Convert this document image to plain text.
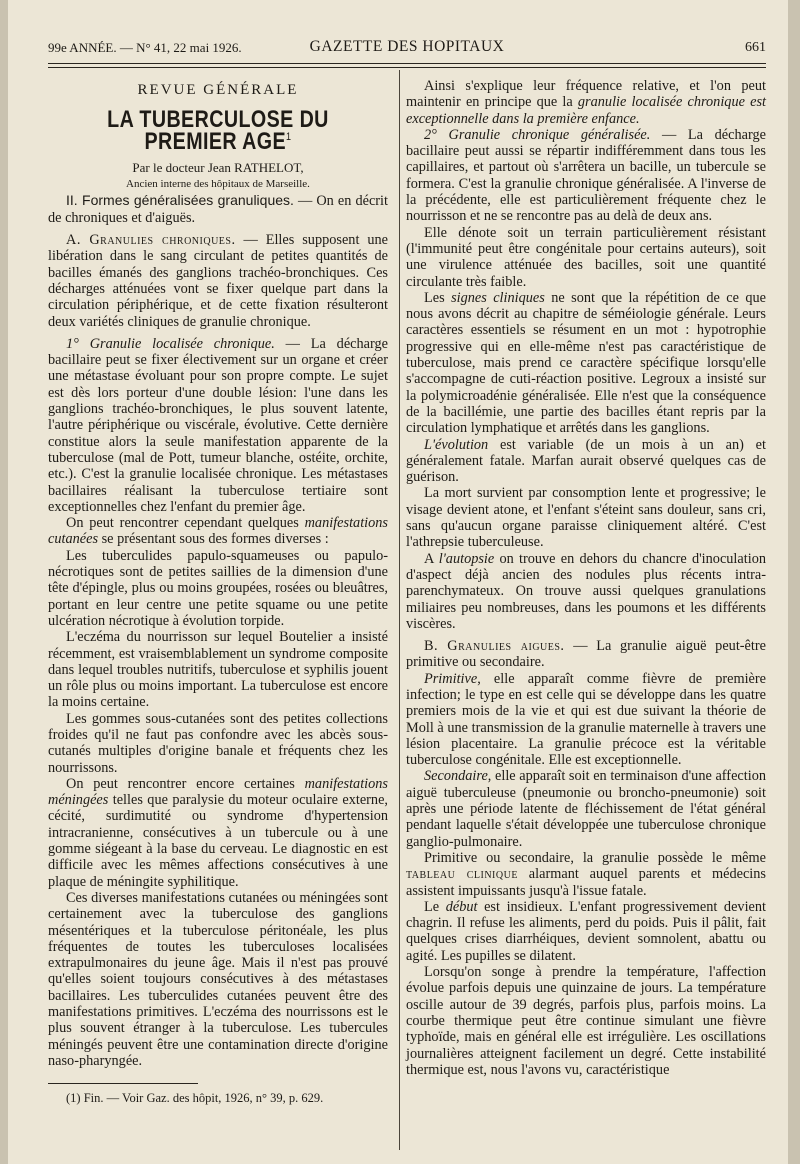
99e ANNÉE. — N° 41, 22 mai 1926.	GAZETTE DES HOPITAUX	661
REVUE GÉNÉRALE
LA TUBERCULOSE DU PREMIER AGE$^1$

Par le docteur Jean RATHELOT,

Ancien interne des hôpitaux de Marseille.

II. Formes généralisées granuliques. — On en décrit de chroniques et d'aiguës.

A. Granulies chroniques. — Elles supposent une libération dans le sang circulant de petites quantités de bacilles émanés des ganglions trachéo-bronchiques. Ces décharges atténuées vont se fixer quelque part dans la circulation périphérique, et de cette fixation résulteront deux variétés cliniques de granulie chronique.

1° Granulie localisée chronique. — La décharge bacillaire peut se fixer électivement sur un organe et créer une métastase évoluant pour son propre compte. Le sujet est dès lors porteur d'une double lésion: l'une dans les ganglions trachéo-bronchiques, le plus souvent latente, l'autre périphérique ou viscérale, évolutive. Cette dernière constitue alors la seule manifestation apparente de la tuberculose (mal de Pott, tumeur blanche, ostéite, orchite, etc.). C'est la granulie localisée chronique. Les métastases bacillaires réalisant la tuberculose tertiaire sont exceptionnelles chez l'enfant du premier âge.

On peut rencontrer cependant quelques manifestations cutanées se présentant sous des formes diverses :

Les tuberculides papulo-squameuses ou papulo-nécrotiques sont de petites saillies de la dimension d'une tête d'épingle, plus ou moins groupées, rosées ou bleuâtres, portant en leur centre une petite squame ou une petite ulcération nécrotique à évolution torpide.

L'eczéma du nourrisson sur lequel Boutelier a insisté récemment, est vraisemblablement un syndrome composite dans lequel troubles nutritifs, tuberculose et syphilis jouent un rôle plus ou moins important. La tuberculose est encore la moins certaine.

Les gommes sous-cutanées sont des petites collections froides qu'il ne faut pas confondre avec les abcès sous-cutanés multiples d'origine banale et fréquents chez les nourrissons.

On peut rencontrer encore certaines manifestations méningées telles que paralysie du moteur oculaire externe, cécité, surdimutité ou syndrome d'hypertension intracranienne, consécutives à un tubercule ou à une gomme siégeant à la base du cerveau. Le diagnostic en est difficile avec les mêmes affections consécutives à une plaque de méningite syphilitique.

Ces diverses manifestations cutanées ou méningées sont certainement avec la tuberculose des ganglions mésentériques et la tuberculose péritonéale, les plus fréquentes de toutes les tuberculoses localisées extrapulmonaires du jeune âge. Mais il n'est pas prouvé qu'elles soient toujours consécutives à des métastases bacillaires. Les tuberculides cutanées peuvent être des manifestations primitives. L'eczéma des nourrissons est le plus souvent étranger à la tuberculose. Les tubercules méningés peuvent être une contamination directe d'origine naso-pharyngée.

(1) Fin. — Voir Gaz. des hôpit, 1926, n° 39, p. 629.

Ainsi s'explique leur fréquence relative, et l'on peut maintenir en principe que la granulie localisée chronique est exceptionnelle dans la première enfance.

2° Granulie chronique généralisée. — La décharge bacillaire peut aussi se répartir indifféremment dans tous les capillaires, et partout où s'arrêtera un bacille, un tubercule se formera. C'est la granulie chronique généralisée. A l'inverse de la précédente, elle est particulièrement fréquente chez le nourrisson et ne se rencontre pas au delà de deux ans.

Elle dénote soit un terrain particulièrement résistant (l'immunité peut être congénitale pour certains auteurs), soit une virulence atténuée des bacilles, soit une quantité circulante très faible.

Les signes cliniques ne sont que la répétition de ce que nous avons décrit au chapitre de séméiologie générale. Leurs caractères essentiels se résument en un mot : hypotrophie progressive qui en elle-même n'est pas caractéristique de tuberculose, mais prend ce caractère spécifique lorsqu'elle s'accompagne de cuti-réaction positive. Legroux a insisté sur la polymicroadénie généralisée. Elle n'est que la conséquence de la bacillémie, une partie des bacilles étant repris par la circulation lymphatique et arrêtés dans les ganglions.

L'évolution est variable (de un mois à un an) et généralement fatale. Marfan aurait observé quelques cas de guérison.

La mort survient par consomption lente et progressive; le visage devient atone, et l'enfant s'éteint sans douleur, sans cri, sans qu'aucun organe paraisse cliniquement altéré. C'est l'athrepsie tuberculeuse.

A l'autopsie on trouve en dehors du chancre d'inoculation d'aspect déjà ancien des nodules plus récents intra-parenchymateux. On trouve aussi quelques granulations miliaires peu nombreuses, dans les poumons et les différents viscères.

B. Granulies aigues. — La granulie aiguë peut-être primitive ou secondaire.

Primitive, elle apparaît comme fièvre de première infection; le type en est celle qui se développe dans les quatre premiers mois de la vie et qui est due suivant la théorie de Moll à une transmission de la granulie maternelle à travers une lésion placentaire. La granulie précoce est la véritable tuberculose congénitale. Elle est exceptionnelle.

Secondaire, elle apparaît soit en terminaison d'une affection aiguë tuberculeuse (pneumonie ou broncho-pneumonie) soit après une période latente de fléchissement de l'état général pendant laquelle s'était développée une tuberculose chronique ganglio-pulmonaire.

Primitive ou secondaire, la granulie possède le même tableau clinique alarmant auquel parents et médecins assistent impuissants jusqu'à l'issue fatale.

Le début est insidieux. L'enfant progressivement devient chagrin. Il refuse les aliments, perd du poids. Puis il pâlit, fait quelques crises diarrhéiques, devient somnolent, abattu ou agité. Les pupilles se dilatent.

Lorsqu'on songe à prendre la température, l'affection évolue parfois depuis une quinzaine de jours. La température oscille autour de 39 degrés, parfois plus, parfois moins. La courbe thermique peut être continue simulant une fièvre typhoïde, mais en général elle est irrégulière. Les oscillations journalières atteignent facilement un degré. Cette instabilité thermique est, nous l'avons vu, caractéristique
